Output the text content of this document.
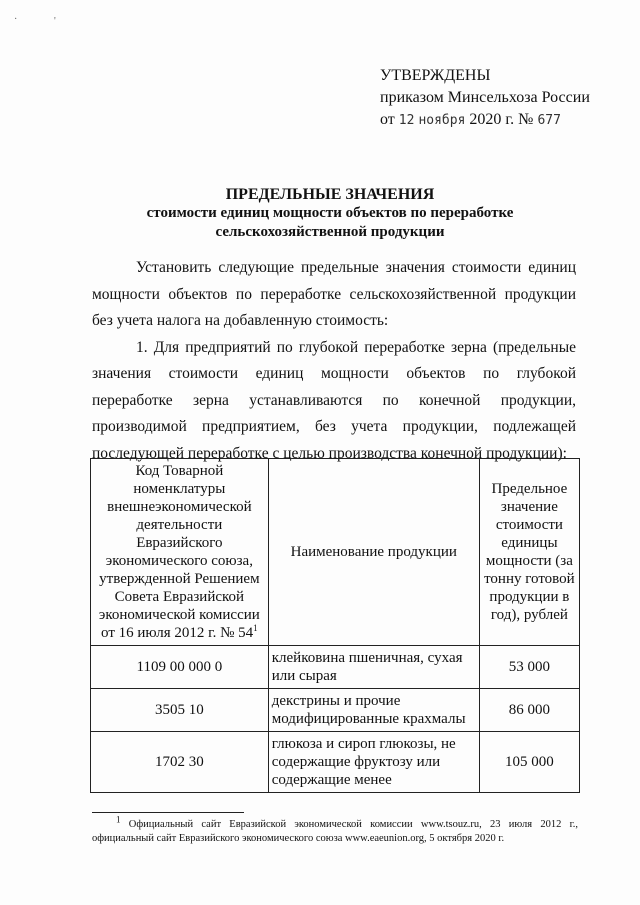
·	'
УТВЕРЖДЕНЫ
приказом Минсельхоза России
от 12 ноября 2020 г. № 677
ПРЕДЕЛЬНЫЕ ЗНАЧЕНИЯ
стоимости единиц мощности объектов по переработке
сельскохозяйственной продукции

Установить следующие предельные значения стоимости единиц мощности объектов по переработке сельскохозяйственной продукции без учета налога на добавленную стоимость:

1. Для предприятий по глубокой переработке зерна (предельные значения стоимости единиц мощности объектов по глубокой переработке зерна устанавливаются по конечной продукции, производимой предприятием, без учета продукции, подлежащей последующей переработке с целью производства конечной продукции):

Код Товарной номенклатуры внешнеэкономической деятельности Евразийского экономического союза, утвержденной Решением Совета Евразийской экономической комиссии от 16 июля 2012 г. № 54$^1$	Наименование продукции	Предельное значение стоимости единицы мощности (за тонну готовой продукции в год), рублей
1109 00 000 0	клейковина пшеничная, сухая или сырая	53 000
3505 10	декстрины и прочие модифицированные крахмалы	86 000
1702 30	глюкоза и сироп глюкозы, не содержащие фруктозу или содержащие менее	105 000
$^1$ Официальный сайт Евразийской экономической комиссии www.tsouz.ru, 23 июля 2012 г., официальный сайт Евразийского экономического союза www.eaeunion.org, 5 октября 2020 г.
